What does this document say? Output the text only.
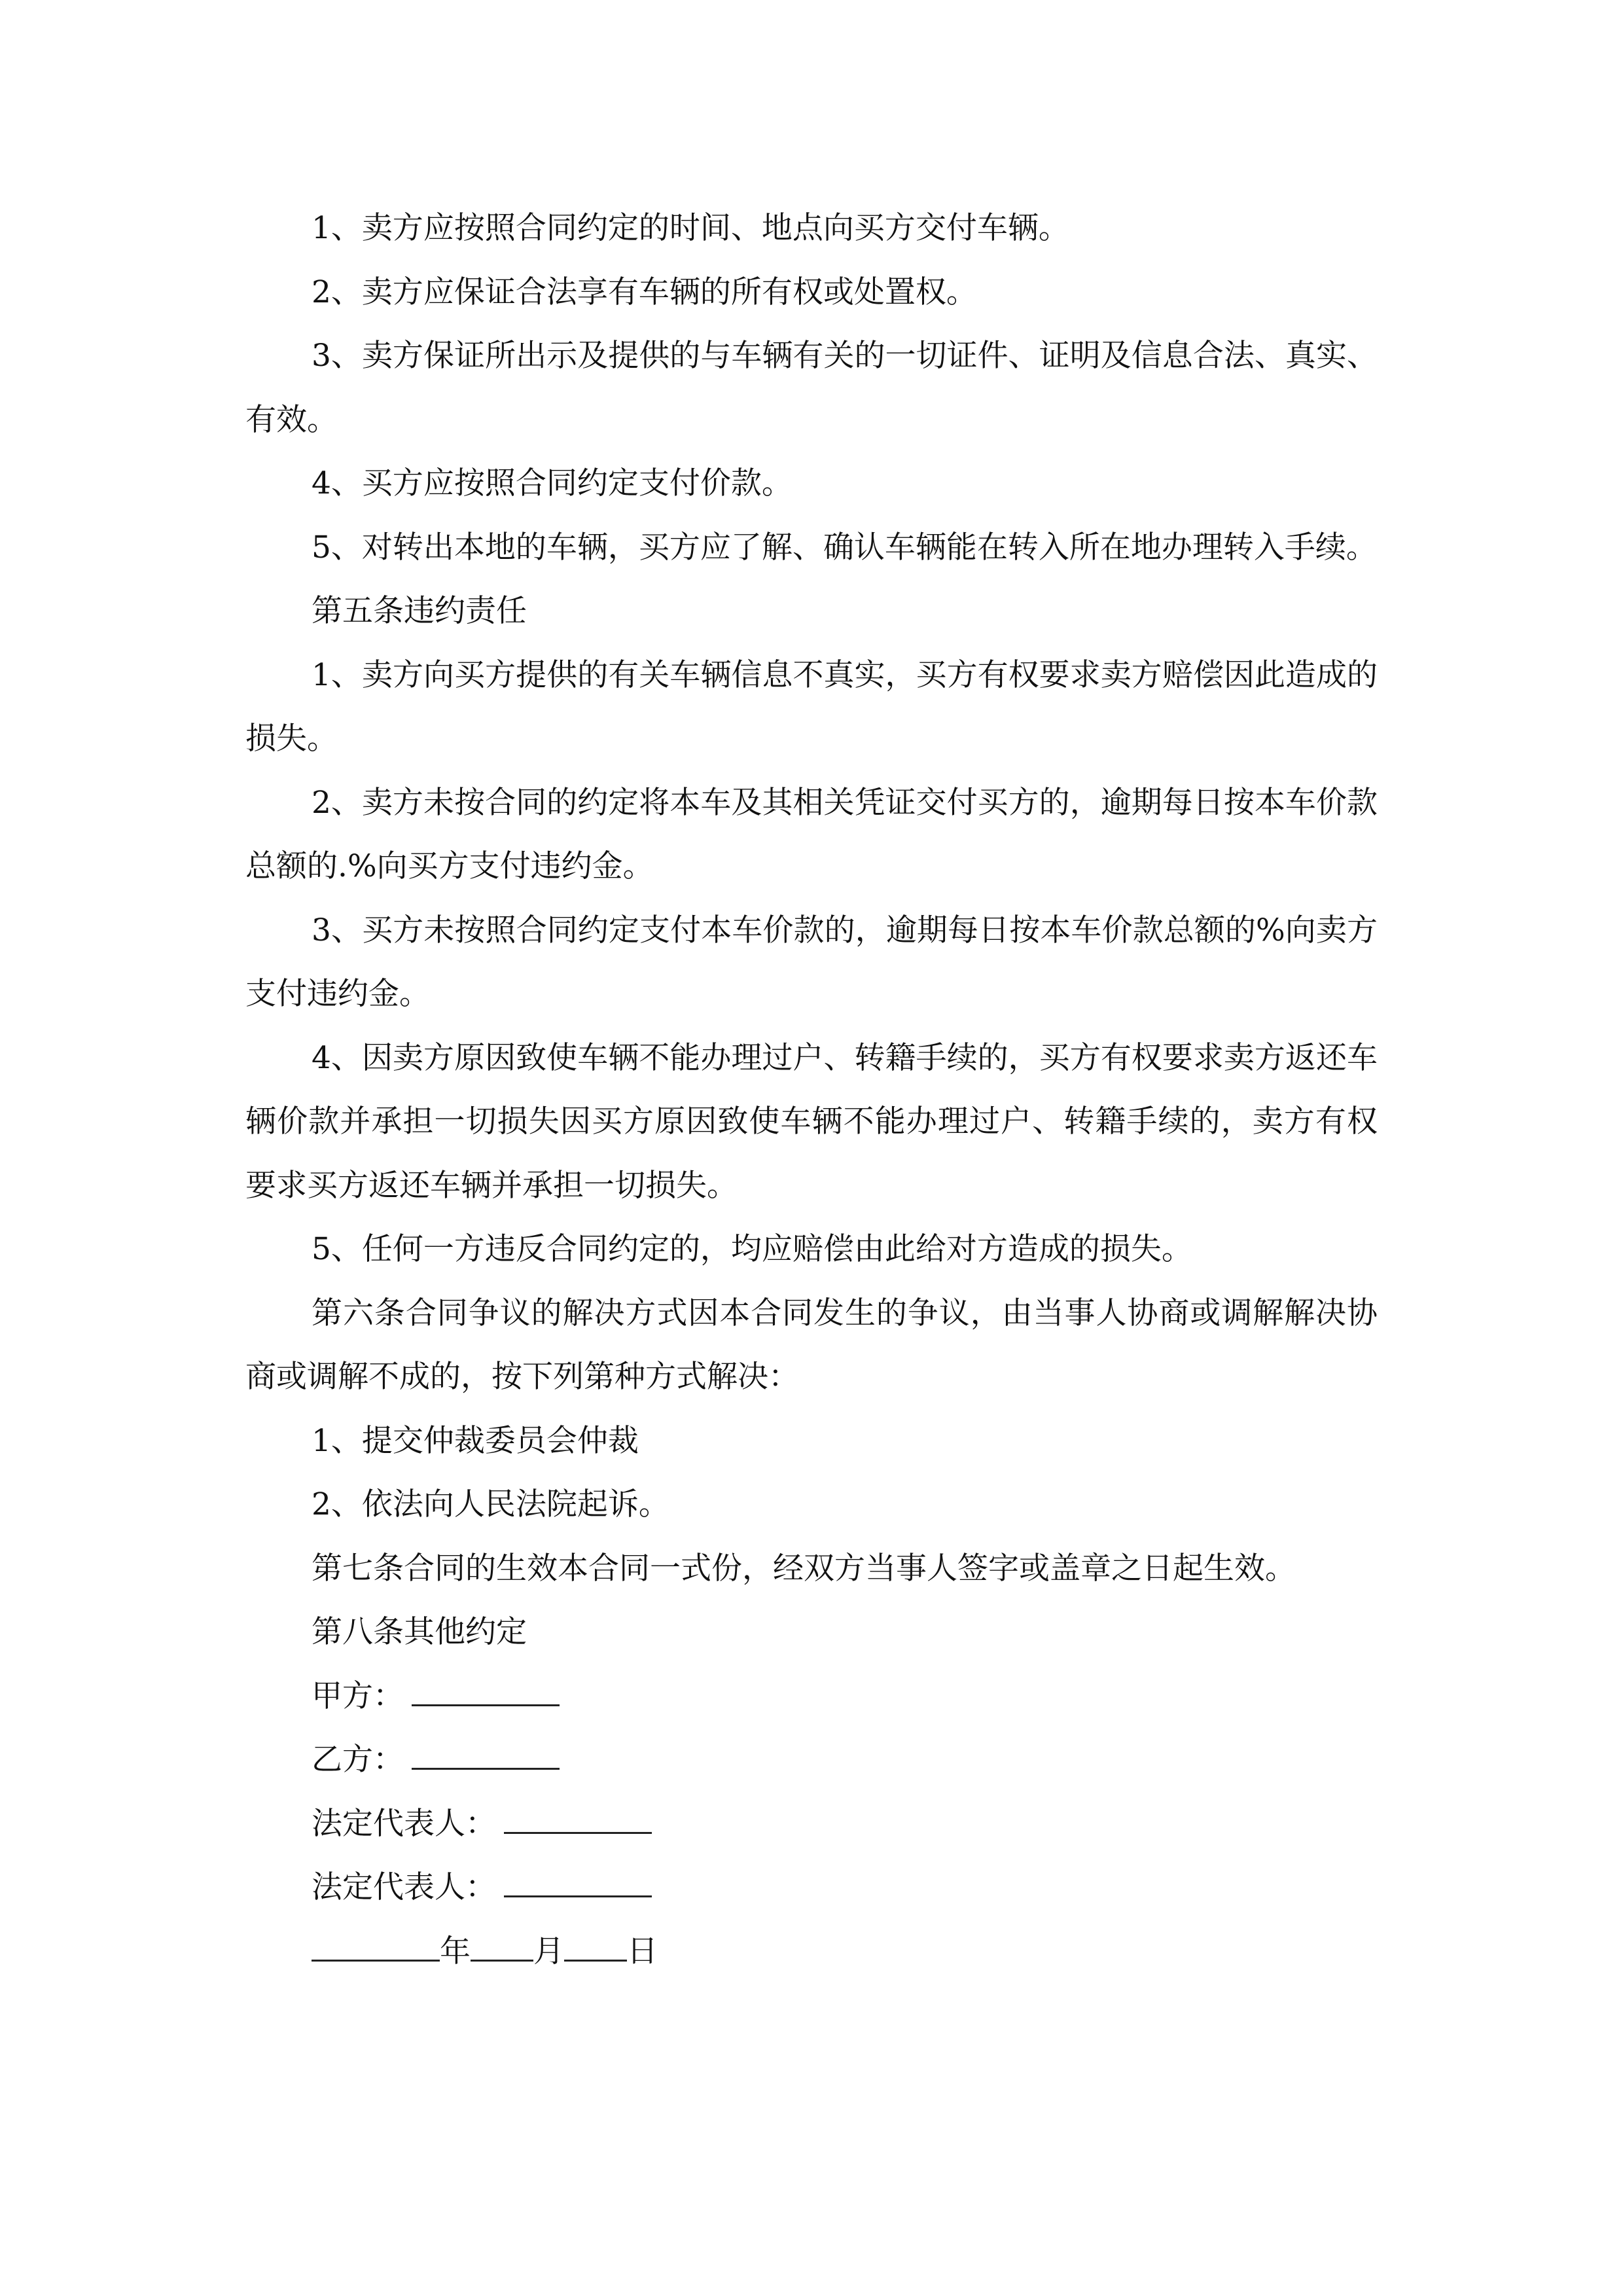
1、卖方应按照合同约定的时间、地点向买方交付车辆。

2、卖方应保证合法享有车辆的所有权或处置权。

3、卖方保证所出示及提供的与车辆有关的一切证件、证明及信息合法、真实、有效。

4、买方应按照合同约定支付价款。

5、对转出本地的车辆，买方应了解、确认车辆能在转入所在地办理转入手续。

第五条违约责任

1、卖方向买方提供的有关车辆信息不真实，买方有权要求卖方赔偿因此造成的损失。

2、卖方未按合同的约定将本车及其相关凭证交付买方的，逾期每日按本车价款总额的.%向买方支付违约金。

3、买方未按照合同约定支付本车价款的，逾期每日按本车价款总额的%向卖方支付违约金。

4、因卖方原因致使车辆不能办理过户、转籍手续的，买方有权要求卖方返还车辆价款并承担一切损失因买方原因致使车辆不能办理过户、转籍手续的，卖方有权要求买方返还车辆并承担一切损失。

5、任何一方违反合同约定的，均应赔偿由此给对方造成的损失。

第六条合同争议的解决方式因本合同发生的争议，由当事人协商或调解解决协商或调解不成的，按下列第种方式解决：

1、提交仲裁委员会仲裁

2、依法向人民法院起诉。

第七条合同的生效本合同一式份，经双方当事人签字或盖章之日起生效。

第八条其他约定

甲方：

乙方：

法定代表人：

法定代表人：

年 月 日
